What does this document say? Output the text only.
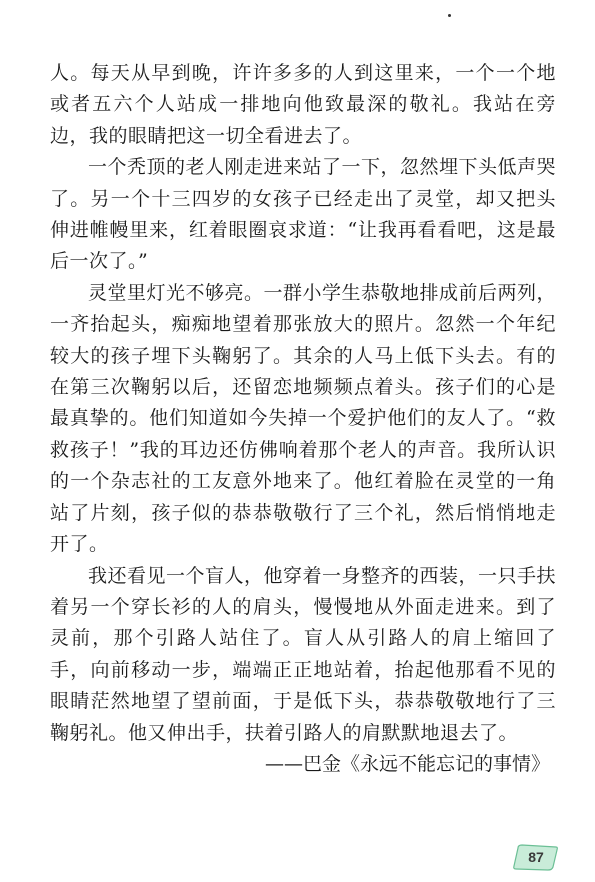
人。每天从早到晚，许许多多的人到这里来，一个一个地或者五六个人站成一排地向他致最深的敬礼。我站在旁边，我的眼睛把这一切全看进去了。

一个秃顶的老人刚走进来站了一下，忽然埋下头低声哭了。另一个十三四岁的女孩子已经走出了灵堂，却又把头伸进帷幔里来，红着眼圈哀求道：“让我再看看吧，这是最后一次了。”

灵堂里灯光不够亮。一群小学生恭敬地排成前后两列，一齐抬起头，痴痴地望着那张放大的照片。忽然一个年纪较大的孩子埋下头鞠躬了。其余的人马上低下头去。有的在第三次鞠躬以后，还留恋地频频点着头。孩子们的心是最真挚的。他们知道如今失掉一个爱护他们的友人了。“救救孩子！”我的耳边还仿佛响着那个老人的声音。我所认识的一个杂志社的工友意外地来了。他红着脸在灵堂的一角站了片刻，孩子似的恭恭敬敬行了三个礼，然后悄悄地走开了。

我还看见一个盲人，他穿着一身整齐的西装，一只手扶着另一个穿长衫的人的肩头，慢慢地从外面走进来。到了灵前，那个引路人站住了。盲人从引路人的肩上缩回了手，向前移动一步，端端正正地站着，抬起他那看不见的眼睛茫然地望了望前面，于是低下头，恭恭敬敬地行了三鞠躬礼。他又伸出手，扶着引路人的肩默默地退去了。

——巴金《永远不能忘记的事情》

87
